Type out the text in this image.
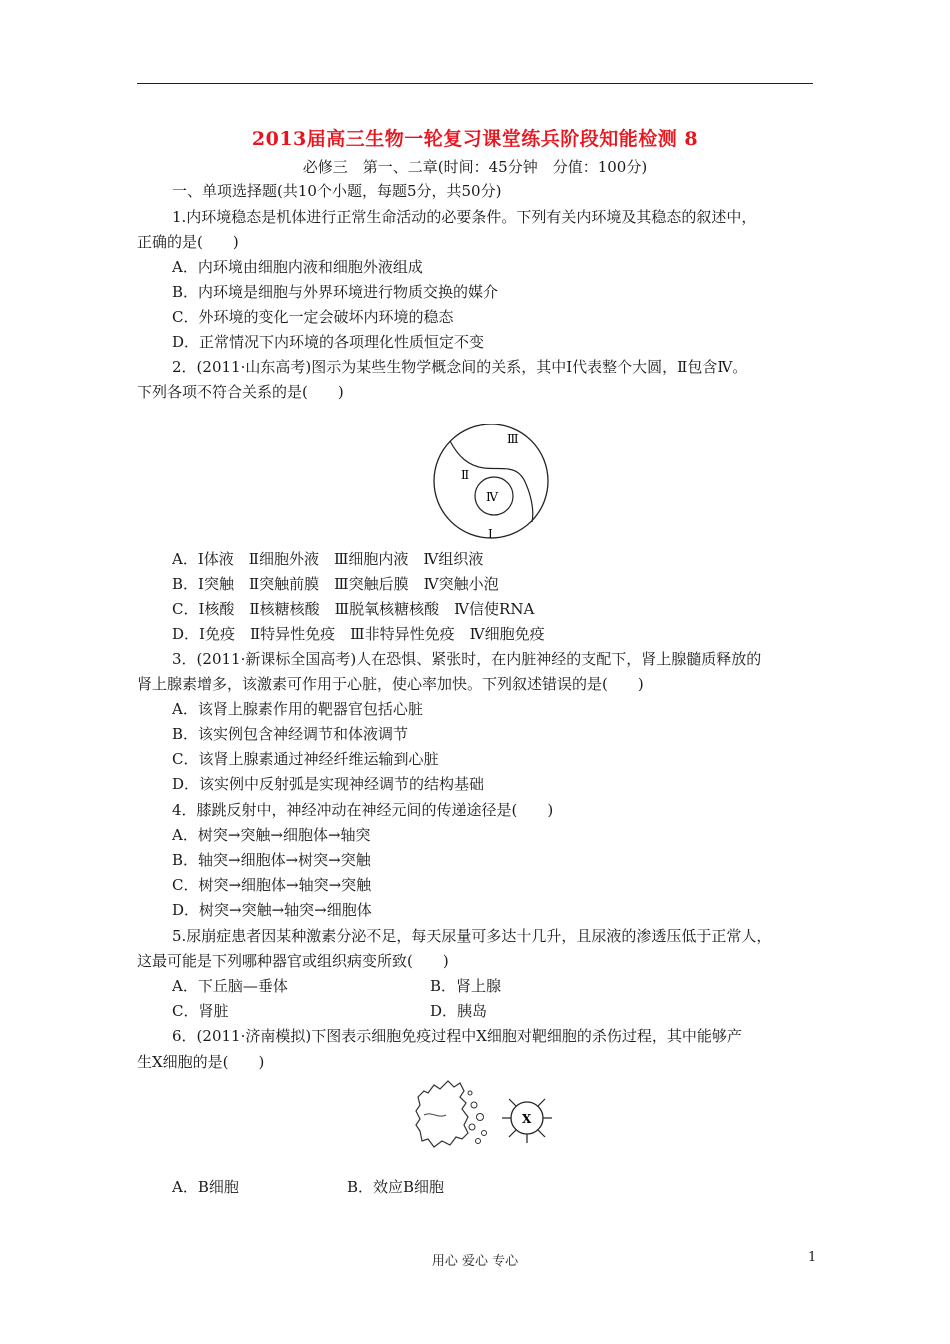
2013届高三生物一轮复习课堂练兵阶段知能检测 8
必修三　第一、二章(时间：45分钟　分值：100分)
一、单项选择题(共10个小题，每题5分，共50分)
1.内环境稳态是机体进行正常生命活动的必要条件。下列有关内环境及其稳态的叙述中，
正确的是(　　)
A．内环境由细胞内液和细胞外液组成
B．内环境是细胞与外界环境进行物质交换的媒介
C．外环境的变化一定会破坏内环境的稳态
D．正常情况下内环境的各项理化性质恒定不变
2．(2011·山东高考)图示为某些生物学概念间的关系，其中Ⅰ代表整个大圆，Ⅱ包含Ⅳ。
下列各项不符合关系的是(　　)
Ⅲ
Ⅱ
Ⅳ
Ⅰ
A．Ⅰ体液　Ⅱ细胞外液　Ⅲ细胞内液　Ⅳ组织液
B．Ⅰ突触　Ⅱ突触前膜　Ⅲ突触后膜　Ⅳ突触小泡
C．Ⅰ核酸　Ⅱ核糖核酸　Ⅲ脱氧核糖核酸　Ⅳ信使RNA
D．Ⅰ免疫　Ⅱ特异性免疫　Ⅲ非特异性免疫　Ⅳ细胞免疫
3．(2011·新课标全国高考)人在恐惧、紧张时，在内脏神经的支配下，肾上腺髓质释放的
肾上腺素增多，该激素可作用于心脏，使心率加快。下列叙述错误的是(　　)
A．该肾上腺素作用的靶器官包括心脏
B．该实例包含神经调节和体液调节
C．该肾上腺素通过神经纤维运输到心脏
D．该实例中反射弧是实现神经调节的结构基础
4．膝跳反射中，神经冲动在神经元间的传递途径是(　　)
A．树突→突触→细胞体→轴突
B．轴突→细胞体→树突→突触
C．树突→细胞体→轴突→突触
D．树突→突触→轴突→细胞体
5.尿崩症患者因某种激素分泌不足，每天尿量可多达十几升，且尿液的渗透压低于正常人，
这最可能是下列哪种器官或组织病变所致(　　)
A．下丘脑—垂体	B．肾上腺
C．肾脏	D．胰岛
6．(2011·济南模拟)下图表示细胞免疫过程中X细胞对靶细胞的杀伤过程，其中能够产
生X细胞的是(　　)
X
A．B细胞	B．效应B细胞
用心 爱心 专心	1
